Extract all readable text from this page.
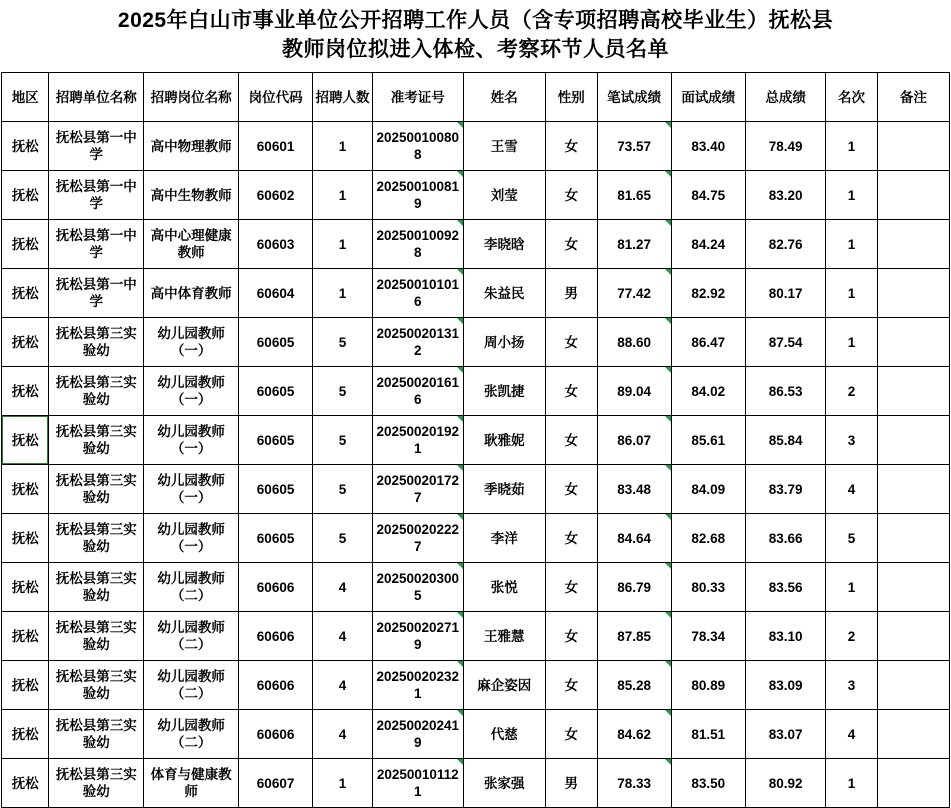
2025年白山市事业单位公开招聘工作人员（含专项招聘高校毕业生）抚松县
教师岗位拟进入体检、考察环节人员名单
地区	招聘单位名称	招聘岗位名称	岗位代码	招聘人数	准考证号	姓名	性别	笔试成绩	面试成绩	总成绩	名次	备注
抚松	抚松县第一中学	高中物理教师	60601	1	202500100808	王雪	女	73.57	83.40	78.49	1	
抚松	抚松县第一中学	高中生物教师	60602	1	202500100819	刘莹	女	81.65	84.75	83.20	1	
抚松	抚松县第一中学	高中心理健康教师	60603	1	202500100928	李晓晗	女	81.27	84.24	82.76	1	
抚松	抚松县第一中学	高中体育教师	60604	1	202500101016	朱益民	男	77.42	82.92	80.17	1	
抚松	抚松县第三实验幼	幼儿园教师（一）	60605	5	202500201312	周小扬	女	88.60	86.47	87.54	1	
抚松	抚松县第三实验幼	幼儿园教师（一）	60605	5	202500201616	张凯捷	女	89.04	84.02	86.53	2	
抚松	抚松县第三实验幼	幼儿园教师（一）	60605	5	202500201921	耿雅妮	女	86.07	85.61	85.84	3	
抚松	抚松县第三实验幼	幼儿园教师（一）	60605	5	202500201727	季晓茹	女	83.48	84.09	83.79	4	
抚松	抚松县第三实验幼	幼儿园教师（一）	60605	5	202500202227	李洋	女	84.64	82.68	83.66	5	
抚松	抚松县第三实验幼	幼儿园教师（二）	60606	4	202500203005	张悦	女	86.79	80.33	83.56	1	
抚松	抚松县第三实验幼	幼儿园教师（二）	60606	4	202500202719	王雅慧	女	87.85	78.34	83.10	2	
抚松	抚松县第三实验幼	幼儿园教师（二）	60606	4	202500202321	麻企姿因	女	85.28	80.89	83.09	3	
抚松	抚松县第三实验幼	幼儿园教师（二）	60606	4	202500202419	代慈	女	84.62	81.51	83.07	4	
抚松	抚松县第三实验幼	体育与健康教师	60607	1	202500101121	张家强	男	78.33	83.50	80.92	1	
